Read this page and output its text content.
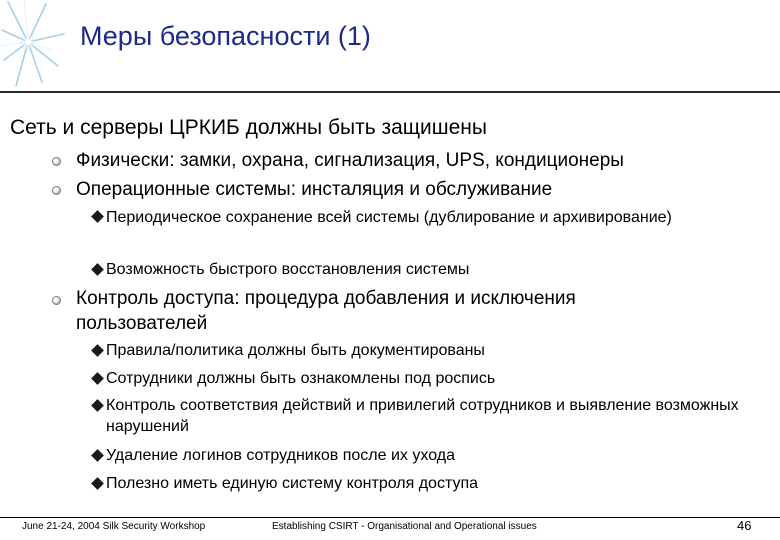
Меры безопасности (1)
Сеть и серверы ЦРКИБ должны быть защишены
Физически: замки, охрана, сигнализация, UPS, кондиционеры
Операционные системы: инсталяция и обслуживание
Периодическое сохранение всей системы (дублирование и архивирование)
Возможность быстрого восстановления системы
Контроль доступа: процедура добавления и исключения пользователей
Правила/политика должны быть документированы
Сотрудники должны быть ознакомлены под роспись
Контроль соответствия действий и привилегий сотрудников и выявление возможных нарушений
Удаление логинов сотрудников после их ухода
Полезно иметь единую систему контроля доступа
June 21-24, 2004 Silk Security Workshop	Establishing CSIRT - Organisational and Operational issues	46
